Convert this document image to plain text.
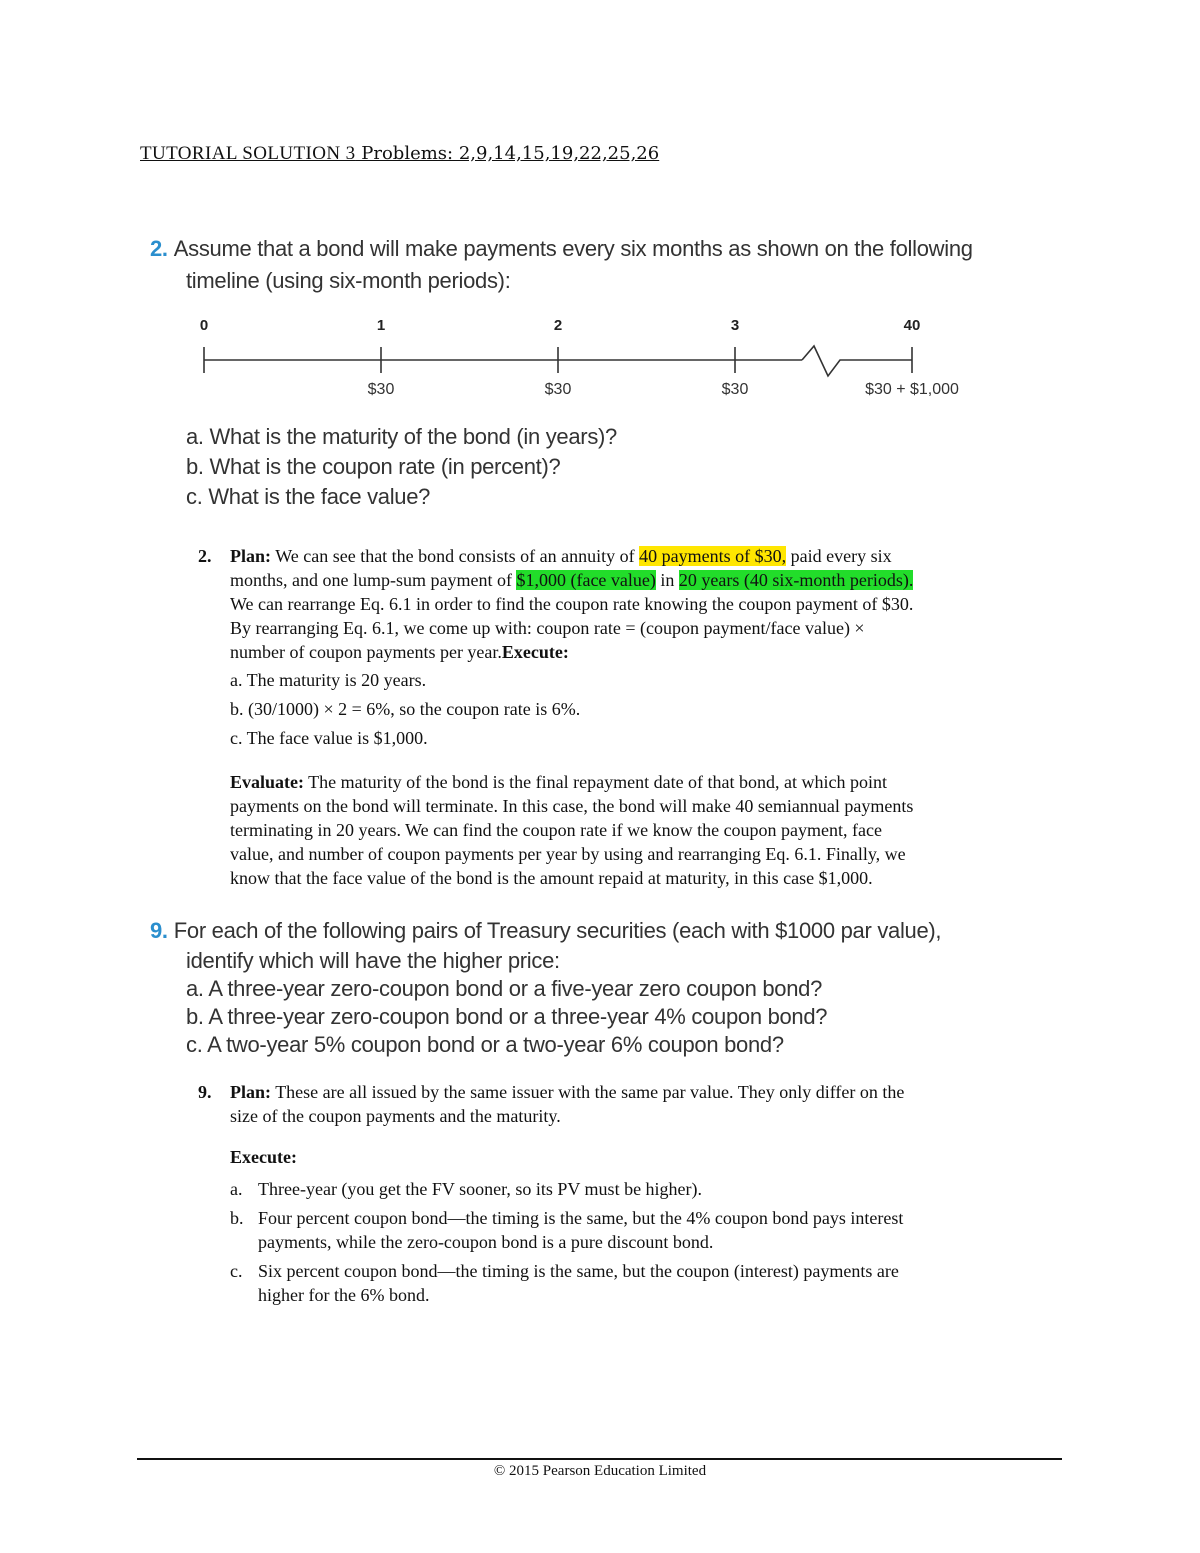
TUTORIAL SOLUTION 3 Problems: 2,9,14,15,19,22,25,26
2. Assume that a bond will make payments every six months as shown on the following
timeline (using six-month periods):
0	1	2	3	40
$30	$30	$30	$30 + $1,000
a. What is the maturity of the bond (in years)?
b. What is the coupon rate (in percent)?
c. What is the face value?
2. Plan: We can see that the bond consists of an annuity of 40 payments of $30, paid every six
months, and one lump-sum payment of $1,000 (face value) in 20 years (40 six-month periods).
We can rearrange Eq. 6.1 in order to find the coupon rate knowing the coupon payment of $30.
By rearranging Eq. 6.1, we come up with: coupon rate = (coupon payment/face value) ×
number of coupon payments per year.Execute:
a. The maturity is 20 years.
b. (30/1000) × 2 = 6%, so the coupon rate is 6%.
c. The face value is $1,000.
Evaluate: The maturity of the bond is the final repayment date of that bond, at which point
payments on the bond will terminate. In this case, the bond will make 40 semiannual payments
terminating in 20 years. We can find the coupon rate if we know the coupon payment, face
value, and number of coupon payments per year by using and rearranging Eq. 6.1. Finally, we
know that the face value of the bond is the amount repaid at maturity, in this case $1,000.
9. For each of the following pairs of Treasury securities (each with $1000 par value),
identify which will have the higher price:
a. A three-year zero-coupon bond or a five-year zero coupon bond?
b. A three-year zero-coupon bond or a three-year 4% coupon bond?
c. A two-year 5% coupon bond or a two-year 6% coupon bond?
9. Plan: These are all issued by the same issuer with the same par value. They only differ on the
size of the coupon payments and the maturity.
Execute:
a. Three-year (you get the FV sooner, so its PV must be higher).
b. Four percent coupon bond—the timing is the same, but the 4% coupon bond pays interest
payments, while the zero-coupon bond is a pure discount bond.
c. Six percent coupon bond—the timing is the same, but the coupon (interest) payments are
higher for the 6% bond.
© 2015 Pearson Education Limited
